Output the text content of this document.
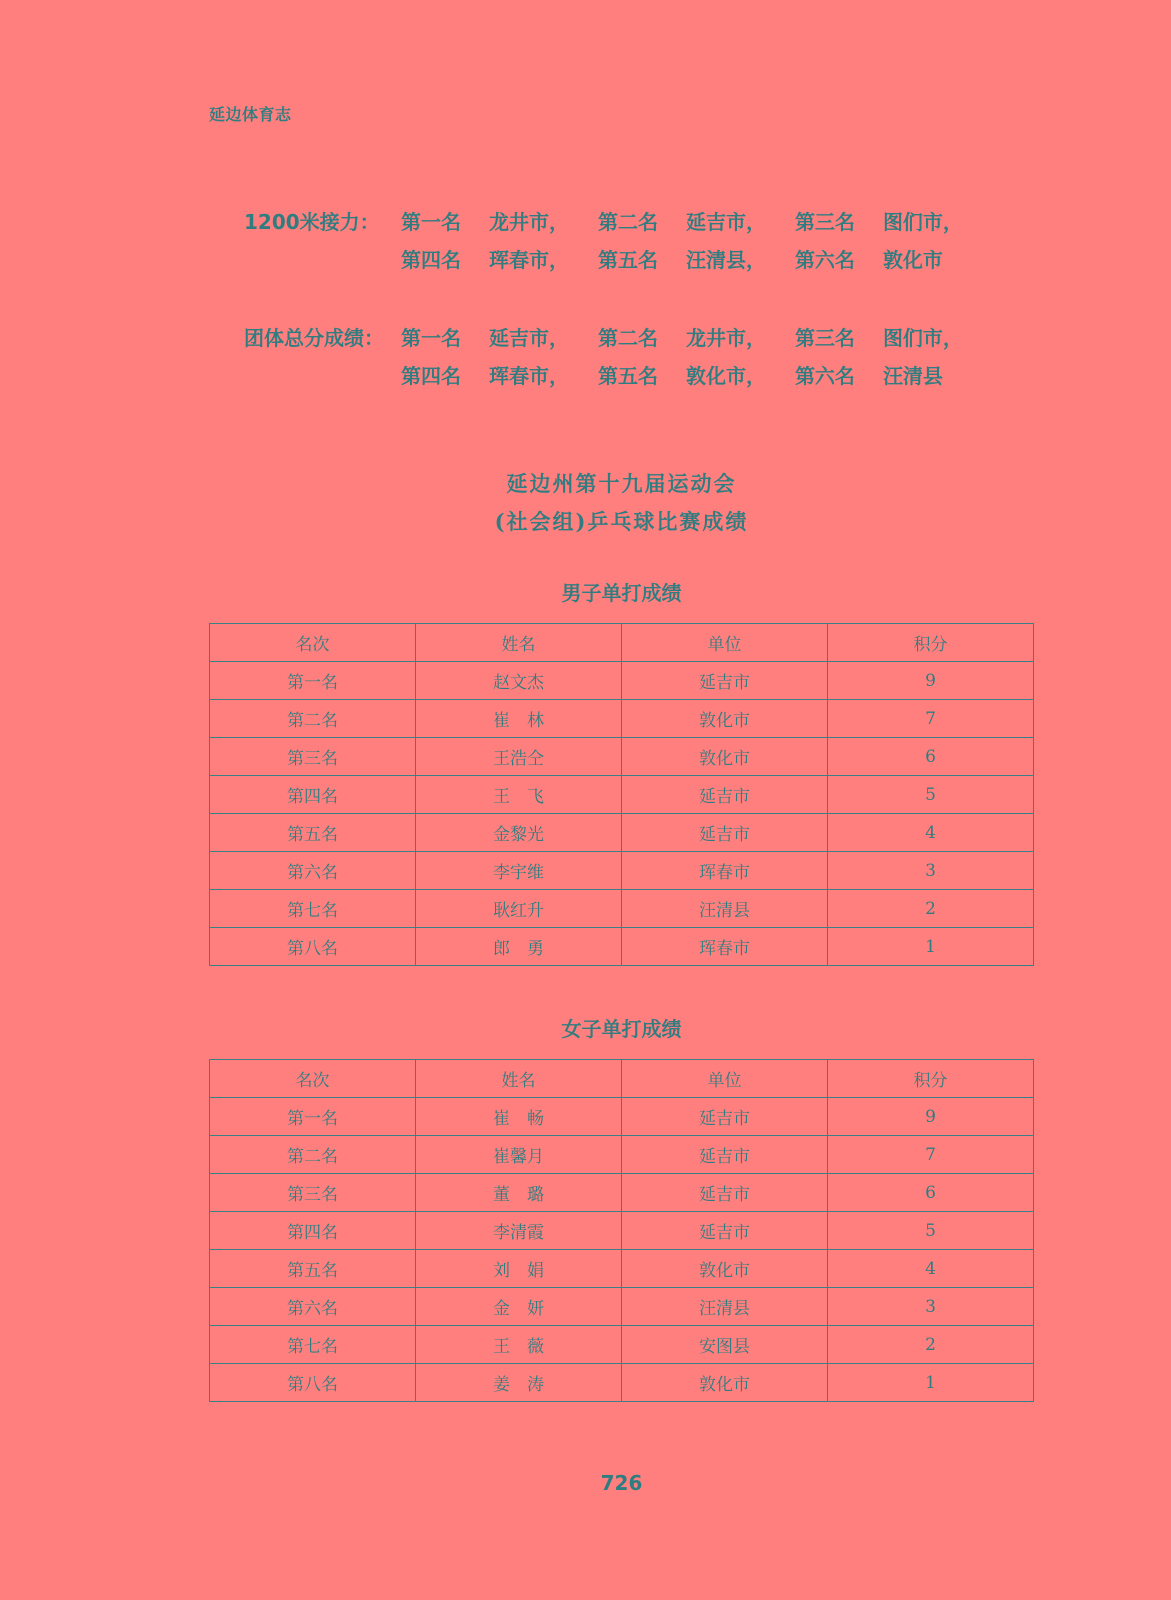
延边体育志
1200米接力： 第一名 龙井市， 第二名 延吉市， 第三名 图们市，
第四名 珲春市， 第五名 汪清县， 第六名 敦化市
团体总分成绩： 第一名 延吉市， 第二名 龙井市， 第三名 图们市，
第四名 珲春市， 第五名 敦化市， 第六名 汪清县
延边州第十九届运动会
(社会组)乒乓球比赛成绩
男子单打成绩
名次	姓名	单位	积分
第一名	赵文杰	延吉市	9
第二名	崔　林	敦化市	7
第三名	王浩仝	敦化市	6
第四名	王　飞	延吉市	5
第五名	金黎光	延吉市	4
第六名	李宇维	珲春市	3
第七名	耿红升	汪清县	2
第八名	郎　勇	珲春市	1
女子单打成绩
名次	姓名	单位	积分
第一名	崔　畅	延吉市	9
第二名	崔馨月	延吉市	7
第三名	董　璐	延吉市	6
第四名	李清霞	延吉市	5
第五名	刘　娟	敦化市	4
第六名	金　妍	汪清县	3
第七名	王　薇	安图县	2
第八名	姜　涛	敦化市	1
726
